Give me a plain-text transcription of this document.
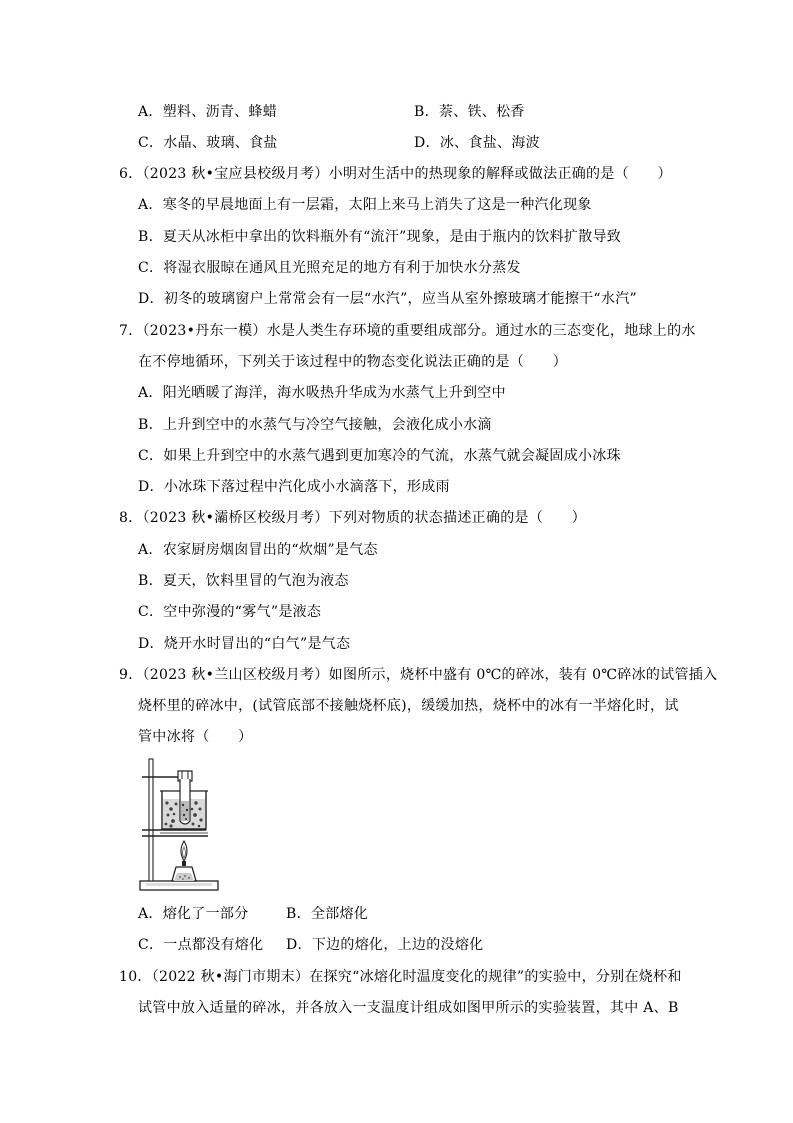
A．塑料、沥青、蜂蜡	B．萘、铁、松香
C．水晶、玻璃、食盐	D．冰、食盐、海波
6．（2023 秋•宝应县校级月考）小明对生活中的热现象的解释或做法正确的是（　　）
A．寒冬的早晨地面上有一层霜，太阳上来马上消失了这是一种汽化现象
B．夏天从冰柜中拿出的饮料瓶外有“流汗”现象，是由于瓶内的饮料扩散导致
C．将湿衣服晾在通风且光照充足的地方有利于加快水分蒸发
D．初冬的玻璃窗户上常常会有一层“水汽”，应当从室外擦玻璃才能擦干“水汽”
7．（2023•丹东一模）水是人类生存环境的重要组成部分。通过水的三态变化，地球上的水
在不停地循环，下列关于该过程中的物态变化说法正确的是（　　）
A．阳光晒暖了海洋，海水吸热升华成为水蒸气上升到空中
B．上升到空中的水蒸气与冷空气接触，会液化成小水滴
C．如果上升到空中的水蒸气遇到更加寒冷的气流，水蒸气就会凝固成小冰珠
D．小冰珠下落过程中汽化成小水滴落下，形成雨
8．（2023 秋•灞桥区校级月考）下列对物质的状态描述正确的是（　　）
A．农家厨房烟囱冒出的“炊烟”是气态
B．夏天，饮料里冒的气泡为液态
C．空中弥漫的“雾气”是液态
D．烧开水时冒出的“白气”是气态
9．（2023 秋•兰山区校级月考）如图所示，烧杯中盛有 0℃的碎冰，装有 0℃碎冰的试管插入
烧杯里的碎冰中，(试管底部不接触烧杯底)，缓缓加热，烧杯中的冰有一半熔化时，试
管中冰将（　　）
A．熔化了一部分	B．全部熔化
C．一点都没有熔化 D．下边的熔化，上边的没熔化
10．（2022 秋•海门市期末）在探究“冰熔化时温度变化的规律”的实验中，分别在烧杯和
试管中放入适量的碎冰，并各放入一支温度计组成如图甲所示的实验装置，其中 A、B
